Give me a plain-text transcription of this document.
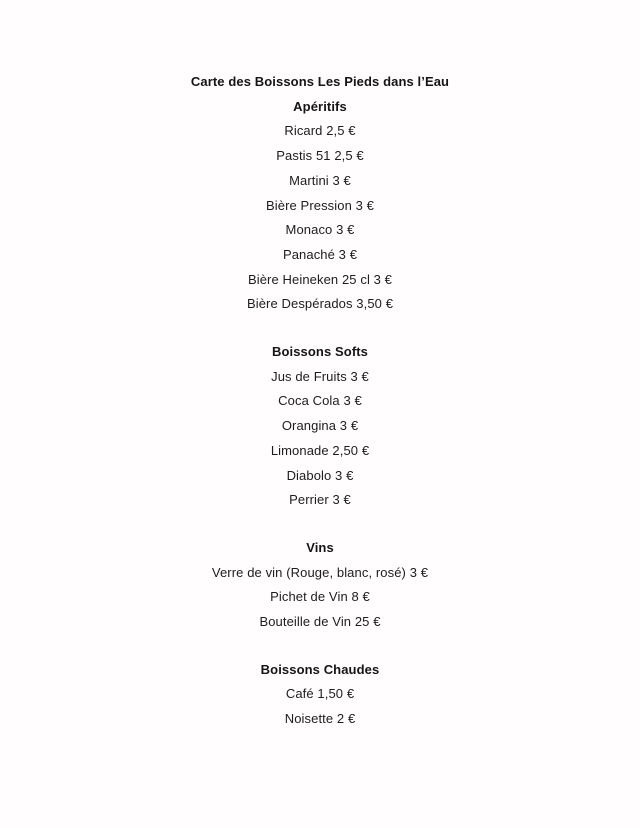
Carte des Boissons Les Pieds dans l’Eau
Apéritifs

Ricard 2,5 €

Pastis 51 2,5 €

Martini 3 €

Bière Pression 3 €

Monaco 3 €

Panaché 3 €

Bière Heineken 25 cl 3 €

Bière Despérados 3,50 €

Boissons Softs

Jus de Fruits 3 €

Coca Cola 3 €

Orangina 3 €

Limonade 2,50 €

Diabolo 3 €

Perrier 3 €

Vins

Verre de vin (Rouge, blanc, rosé) 3 €

Pichet de Vin 8 €

Bouteille de Vin 25 €

Boissons Chaudes

Café 1,50 €

Noisette 2 €
